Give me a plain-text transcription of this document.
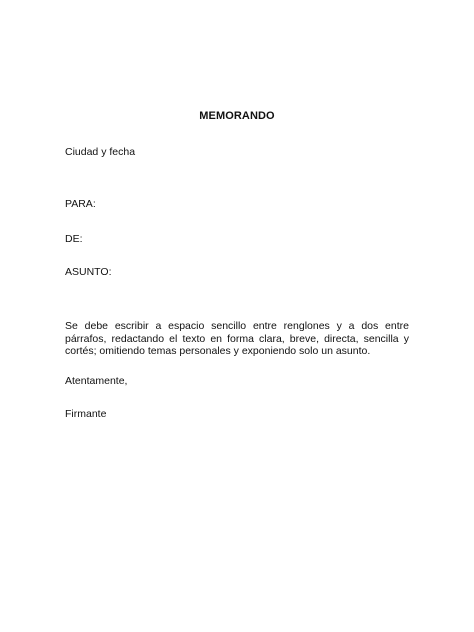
MEMORANDO
Ciudad y fecha
PARA:
DE:
ASUNTO:
Se debe escribir a espacio sencillo entre renglones y a dos entre párrafos, redactando el texto en forma clara, breve, directa, sencilla y cortés; omitiendo temas personales y exponiendo solo un asunto.
Atentamente,
Firmante
